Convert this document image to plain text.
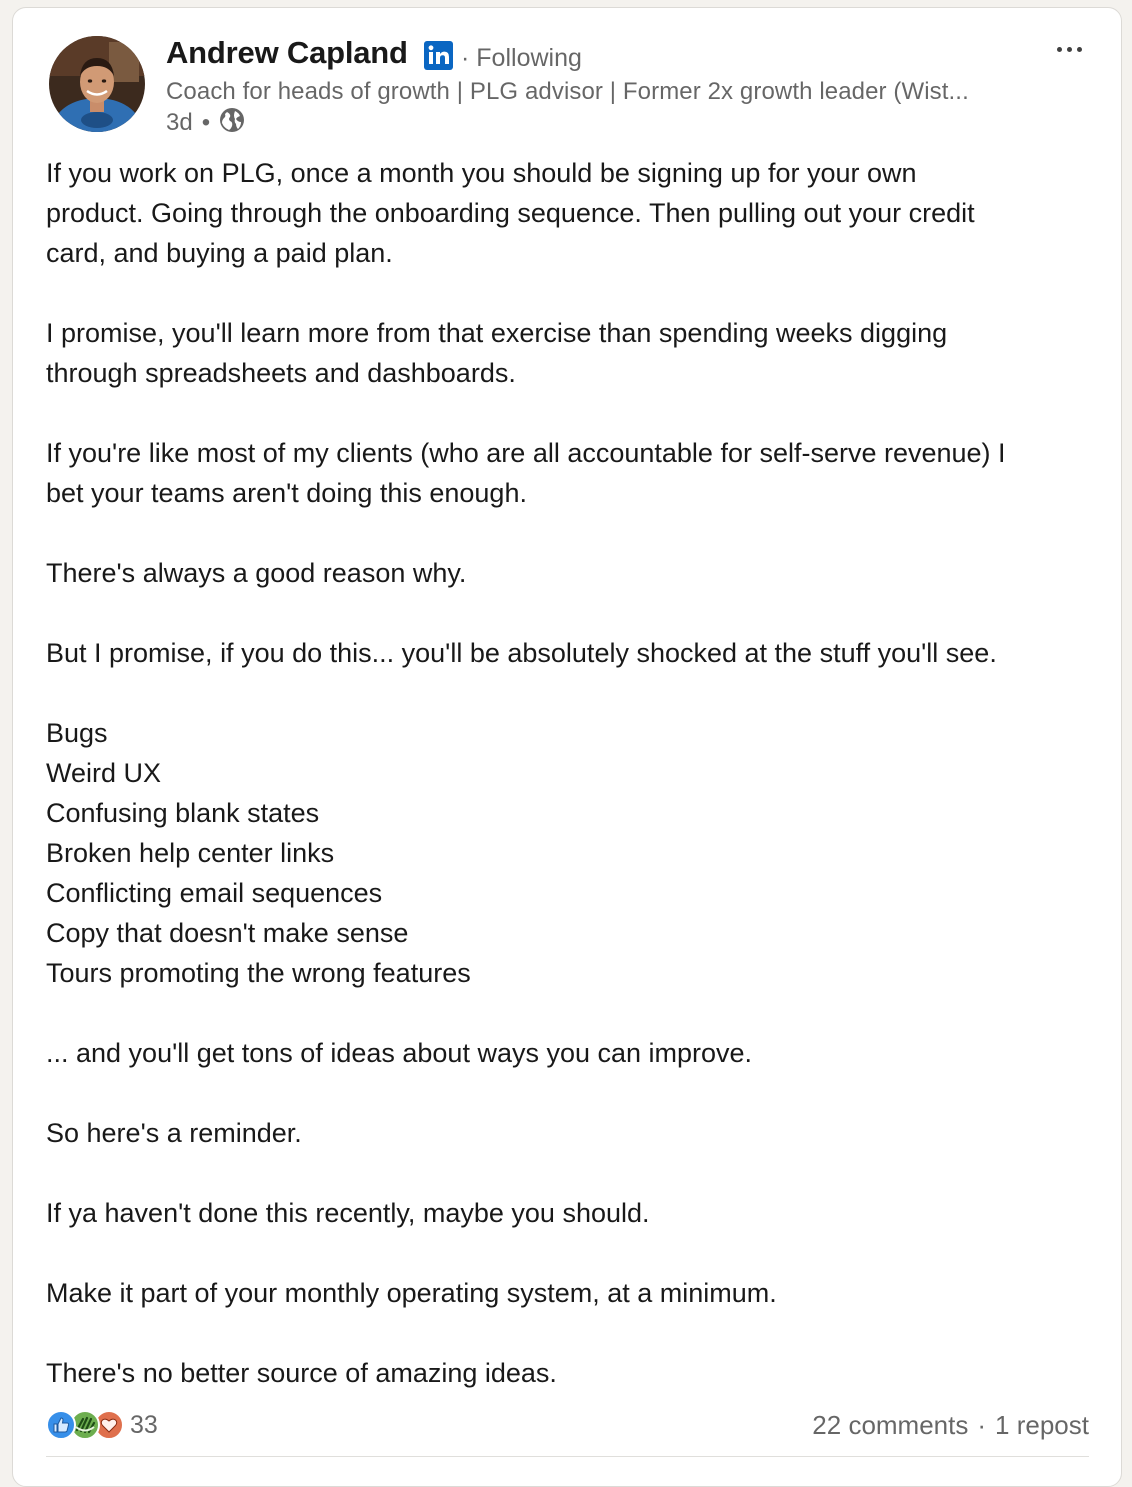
Andrew Capland · Following
Coach for heads of growth | PLG advisor | Former 2x growth leader (Wist...
3d •

If you work on PLG, once a month you should be signing up for your own

product. Going through the onboarding sequence. Then pulling out your credit

card, and buying a paid plan.

I promise, you'll learn more from that exercise than spending weeks digging

through spreadsheets and dashboards.

If you're like most of my clients (who are all accountable for self-serve revenue) I

bet your teams aren't doing this enough.

There's always a good reason why.

But I promise, if you do this... you'll be absolutely shocked at the stuff you'll see.

Bugs

Weird UX

Confusing blank states

Broken help center links

Conflicting email sequences

Copy that doesn't make sense

Tours promoting the wrong features

... and you'll get tons of ideas about ways you can improve.

So here's a reminder.

If ya haven't done this recently, maybe you should.

Make it part of your monthly operating system, at a minimum.

There's no better source of amazing ideas.

33	22 comments · 1 repost
